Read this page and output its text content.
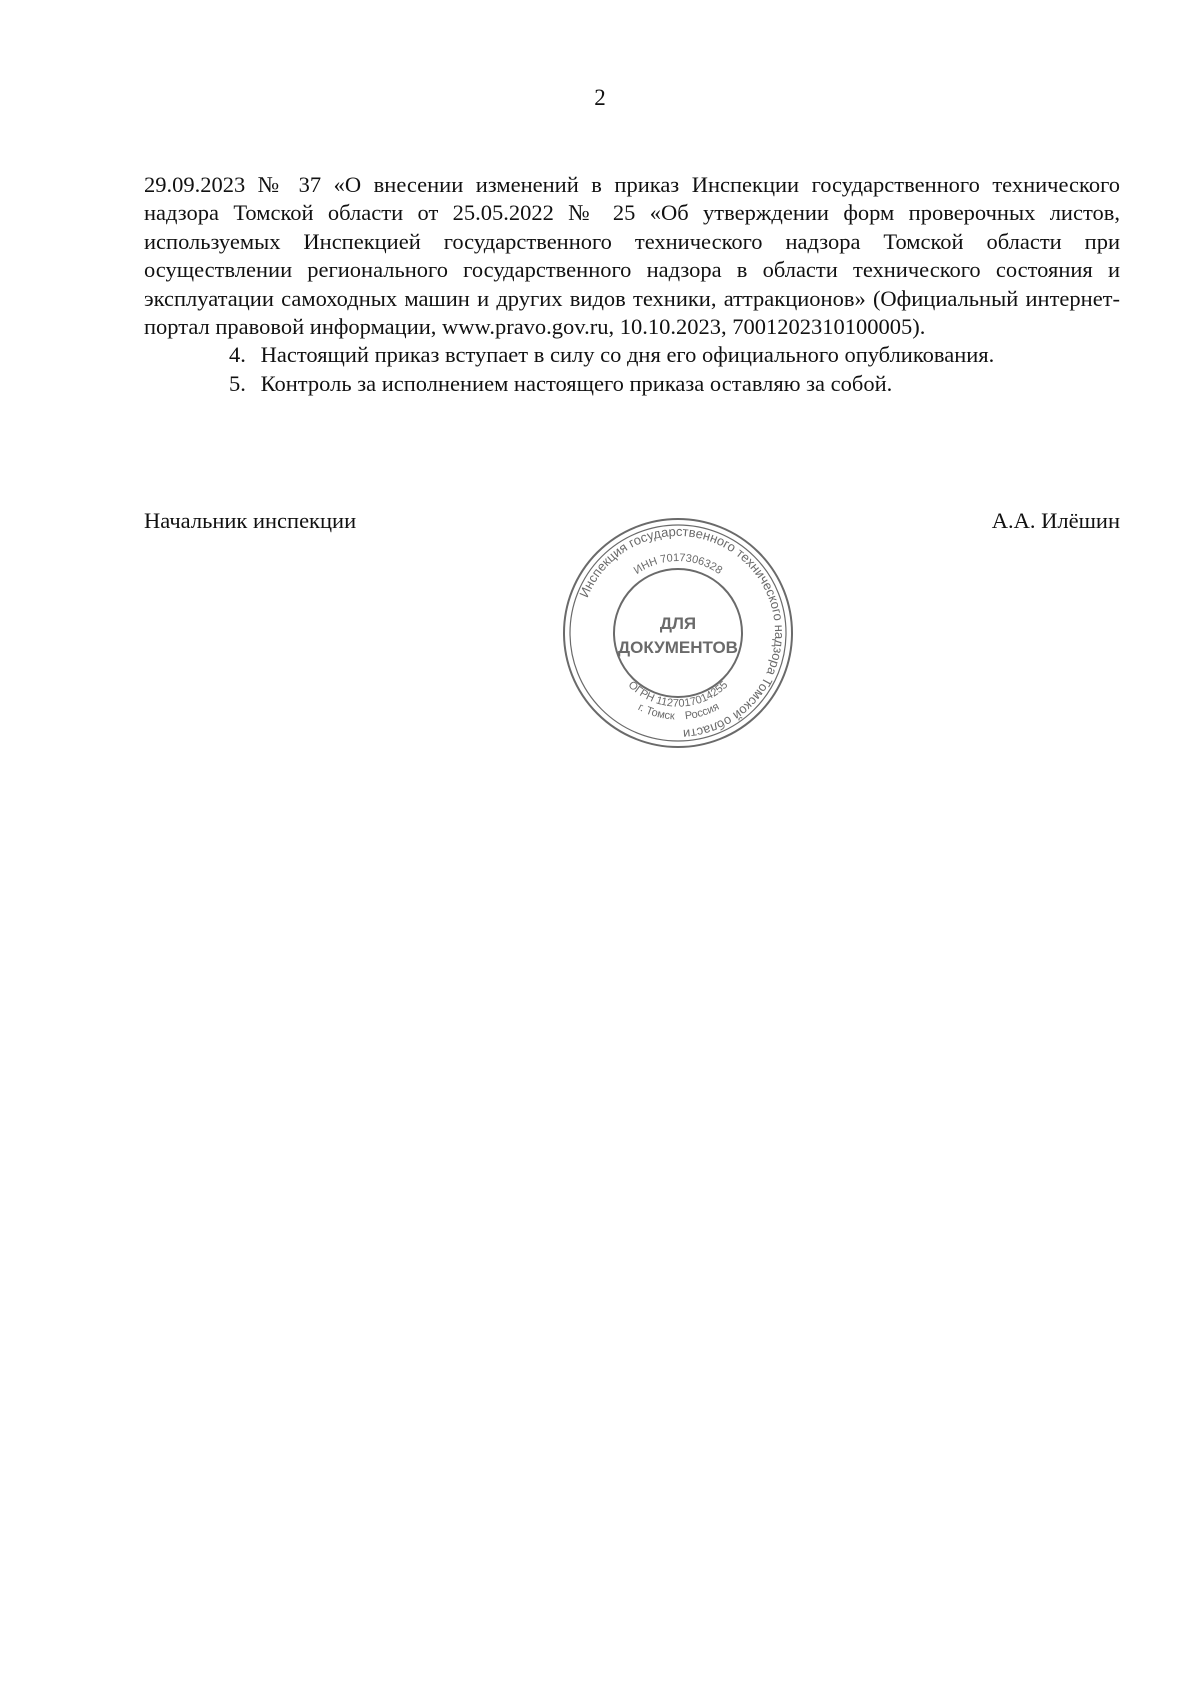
2

29.09.2023 № 37 «О внесении изменений в приказ Инспекции государственного технического надзора Томской области от 25.05.2022 № 25 «Об утверждении форм проверочных листов, используемых Инспекцией государственного технического надзора Томской области при осуществлении регионального государственного надзора в области технического состояния и эксплуатации самоходных машин и других видов техники, аттракционов» (Официальный интернет-портал правовой информации, www.pravo.gov.ru, 10.10.2023, 7001202310100005).

4. Настоящий приказ вступает в силу со дня его официального опубликования.

5. Контроль за исполнением настоящего приказа оставляю за собой.

Начальник инспекции	А.А. Илёшин
Инспекция государственного технического надзора Томской области
ИНН 7017306328
ОГРН 1127017014255
г. Томск Россия
ДЛЯ
ДОКУМЕНТОВ
